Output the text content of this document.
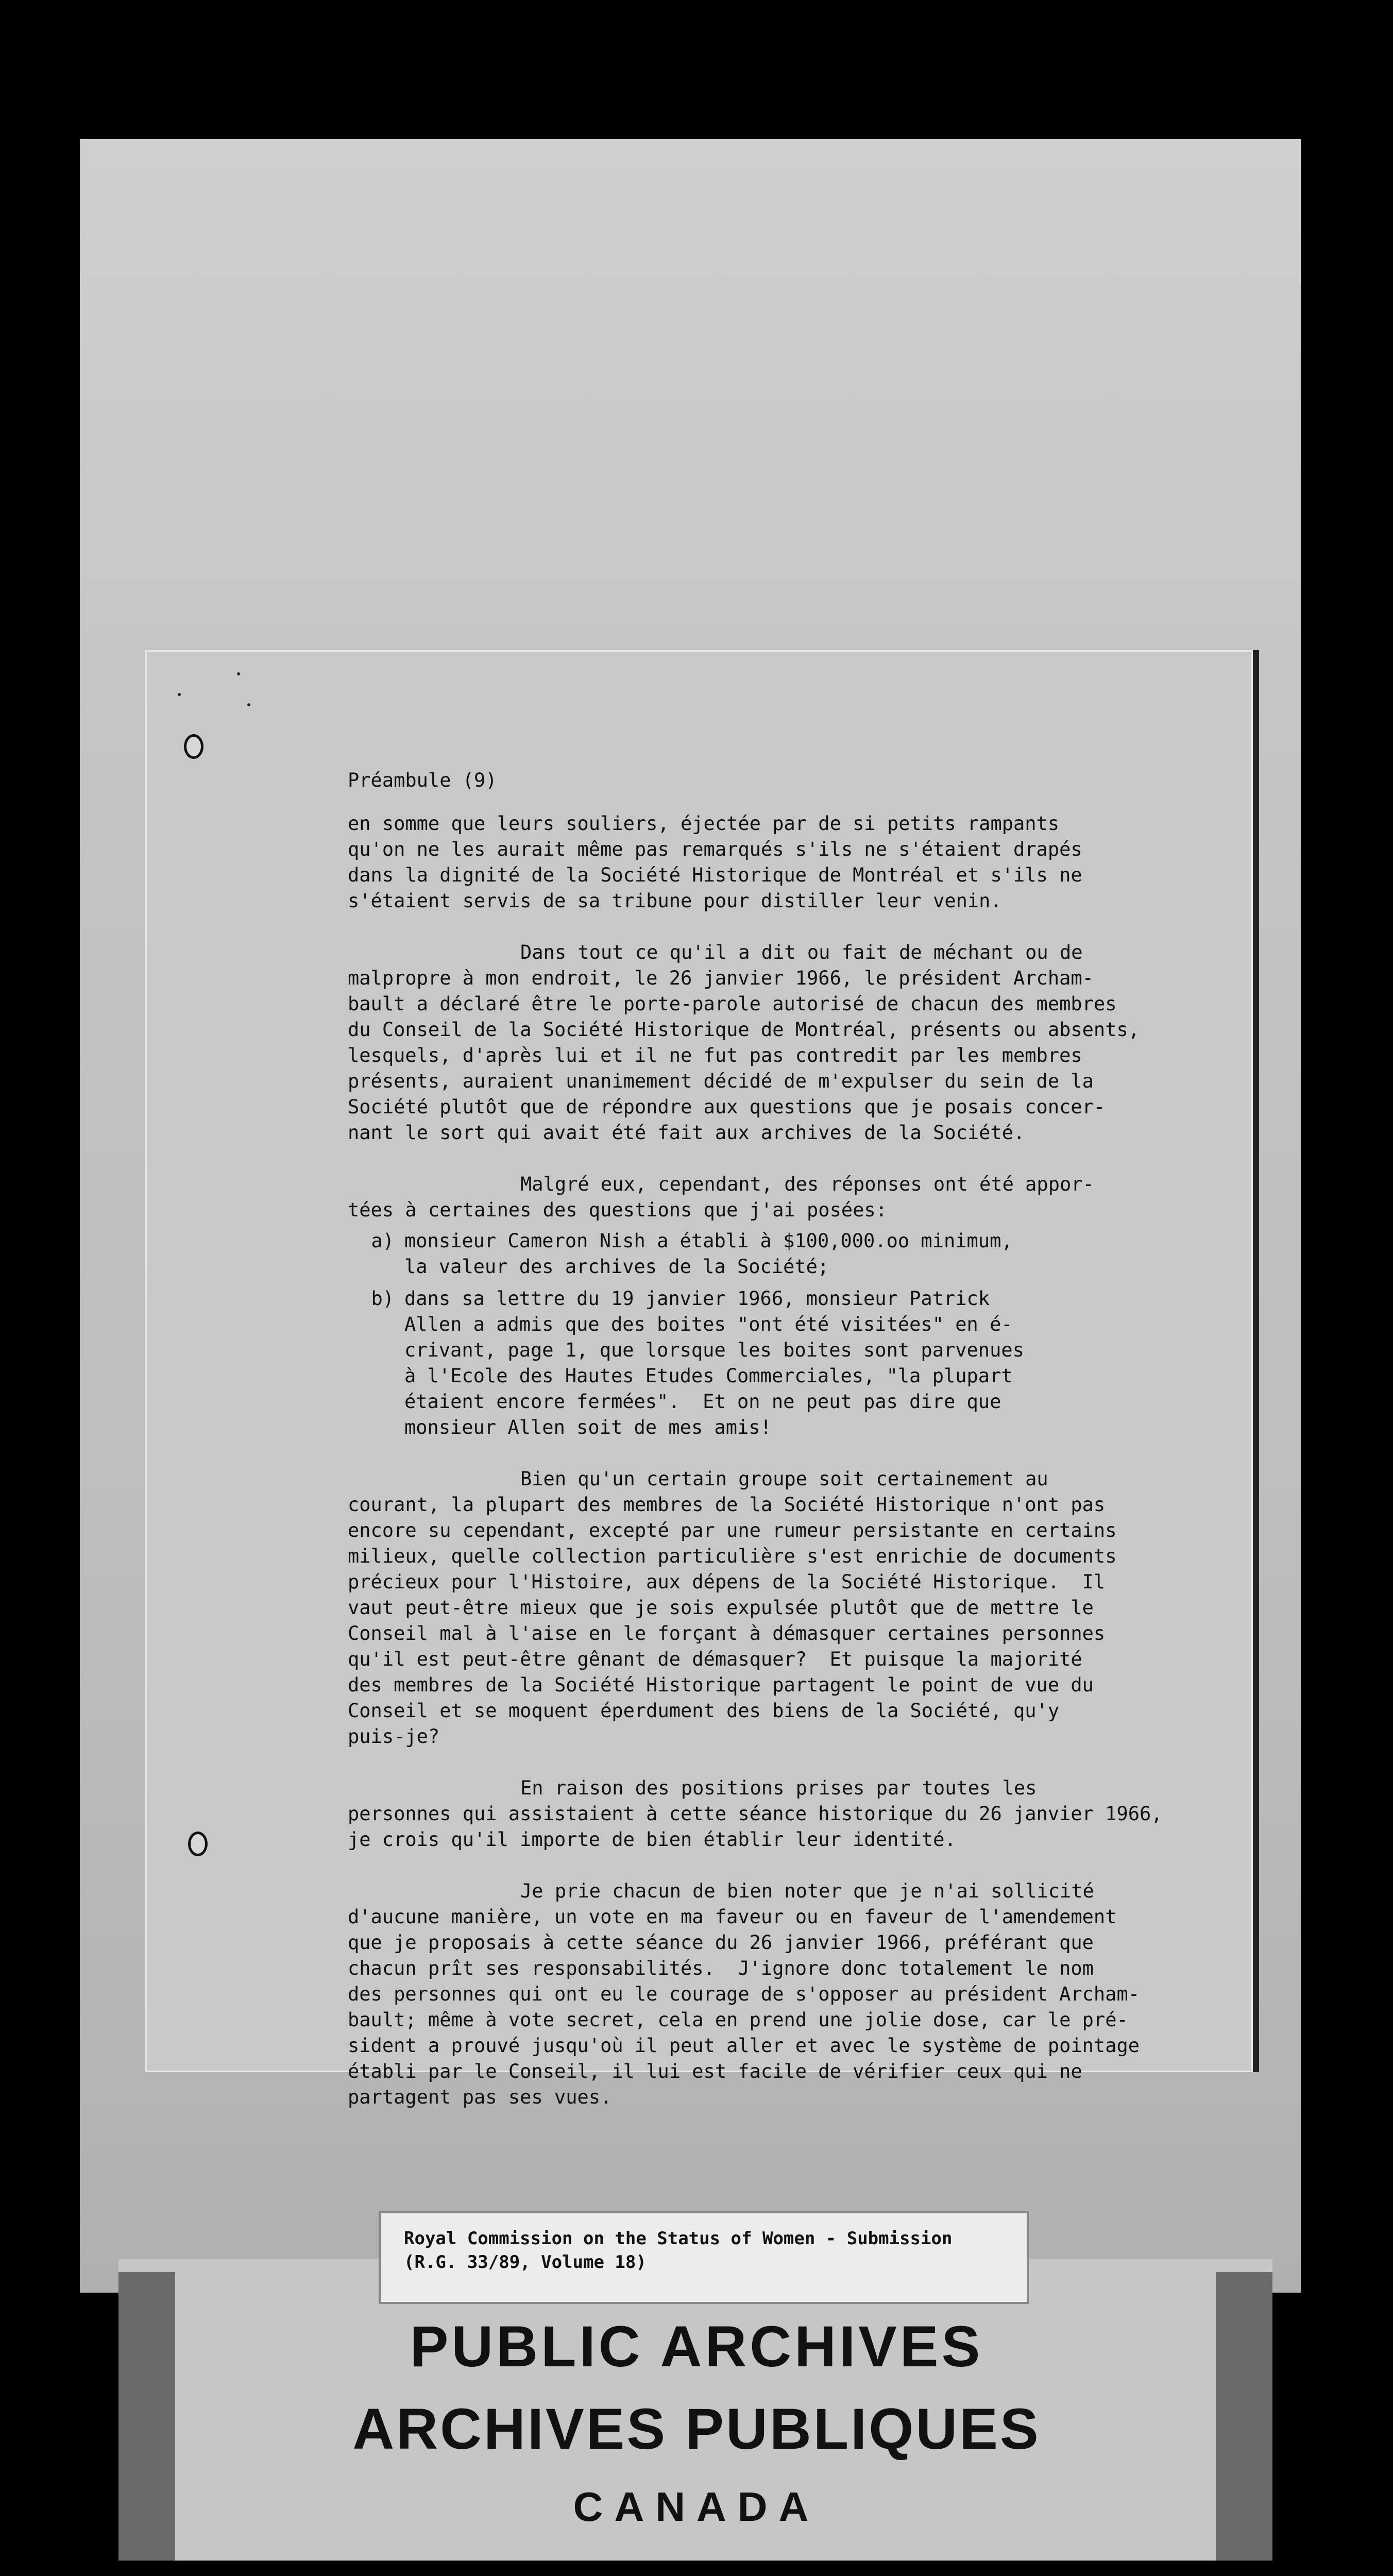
Préambule (9)

en somme que leurs souliers, éjectée par de si petits rampants
qu'on ne les aurait même pas remarqués s'ils ne s'étaient drapés
dans la dignité de la Société Historique de Montréal et s'ils ne
s'étaient servis de sa tribune pour distiller leur venin.

Dans tout ce qu'il a dit ou fait de méchant ou de
malpropre à mon endroit, le 26 janvier 1966, le président Archam-
bault a déclaré être le porte-parole autorisé de chacun des membres
du Conseil de la Société Historique de Montréal, présents ou absents,
lesquels, d'après lui et il ne fut pas contredit par les membres
présents, auraient unanimement décidé de m'expulser du sein de la
Société plutôt que de répondre aux questions que je posais concer-
nant le sort qui avait été fait aux archives de la Société.

Malgré eux, cependant, des réponses ont été appor-
tées à certaines des questions que j'ai posées:

a) monsieur Cameron Nish a établi à $100,000.oo minimum,
la valeur des archives de la Société;
b) dans sa lettre du 19 janvier 1966, monsieur Patrick
Allen a admis que des boites "ont été visitées" en é-
crivant, page 1, que lorsque les boites sont parvenues
à l'Ecole des Hautes Etudes Commerciales, "la plupart
étaient encore fermées".  Et on ne peut pas dire que
monsieur Allen soit de mes amis!

Bien qu'un certain groupe soit certainement au
courant, la plupart des membres de la Société Historique n'ont pas
encore su cependant, excepté par une rumeur persistante en certains
milieux, quelle collection particulière s'est enrichie de documents
précieux pour l'Histoire, aux dépens de la Société Historique.  Il
vaut peut-être mieux que je sois expulsée plutôt que de mettre le
Conseil mal à l'aise en le forçant à démasquer certaines personnes
qu'il est peut-être gênant de démasquer?  Et puisque la majorité
des membres de la Société Historique partagent le point de vue du
Conseil et se moquent éperdument des biens de la Société, qu'y
puis-je?

En raison des positions prises par toutes les
personnes qui assistaient à cette séance historique du 26 janvier 1966,
je crois qu'il importe de bien établir leur identité.

Je prie chacun de bien noter que je n'ai sollicité
d'aucune manière, un vote en ma faveur ou en faveur de l'amendement
que je proposais à cette séance du 26 janvier 1966, préférant que
chacun prît ses responsabilités.  J'ignore donc totalement le nom
des personnes qui ont eu le courage de s'opposer au président Archam-
bault; même à vote secret, cela en prend une jolie dose, car le pré-
sident a prouvé jusqu'où il peut aller et avec le système de pointage
établi par le Conseil, il lui est facile de vérifier ceux qui ne
partagent pas ses vues.

Royal Commission on the Status of Women - Submission
(R.G. 33/89, Volume 18)
PUBLIC ARCHIVES
ARCHIVES PUBLIQUES
CANADA
